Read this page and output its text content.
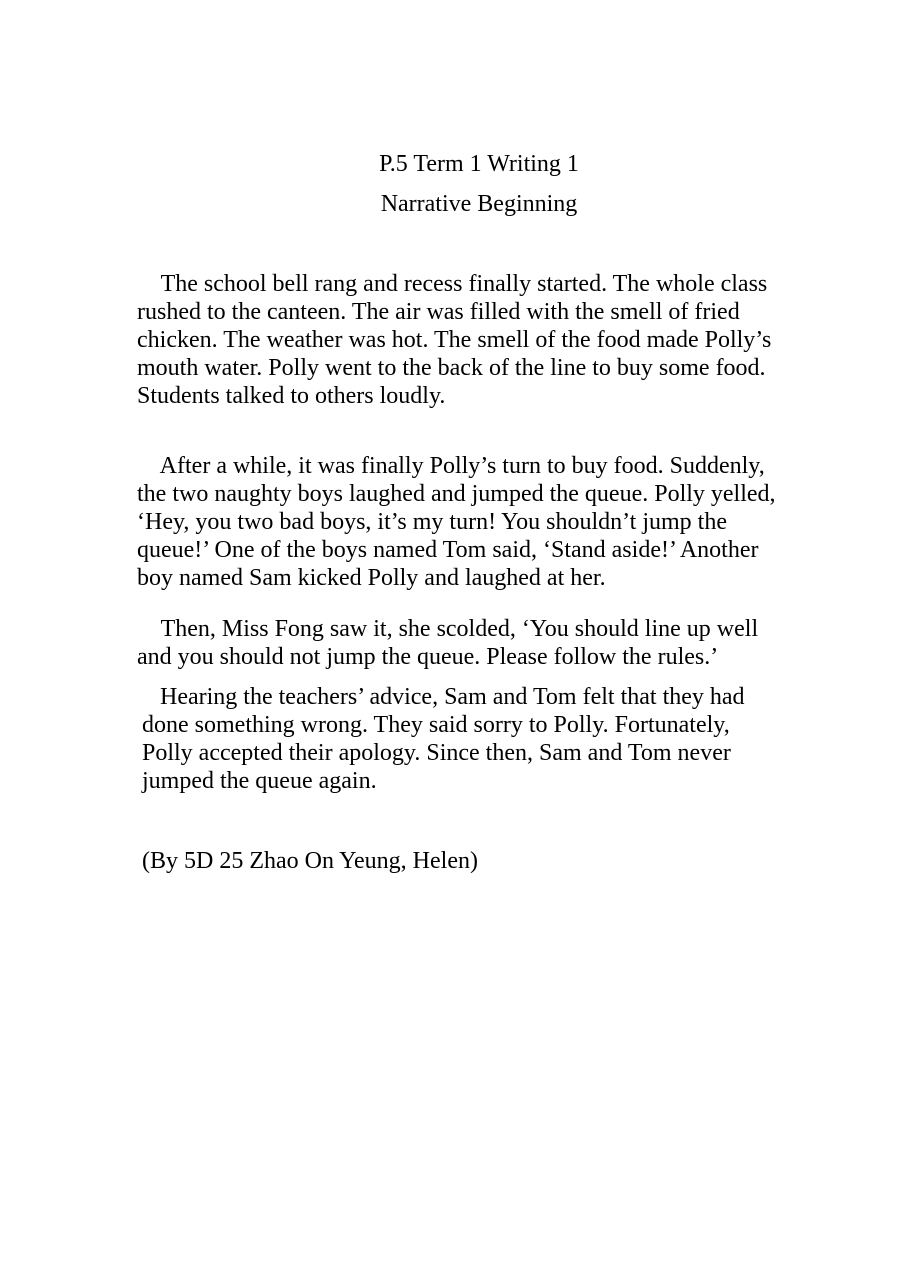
P.5 Term 1 Writing 1
Narrative Beginning
The school bell rang and recess finally started. The whole class
rushed to the canteen. The air was filled with the smell of fried
chicken. The weather was hot. The smell of the food made Polly’s
mouth water. Polly went to the back of the line to buy some food.
Students talked to others loudly.
After a while, it was finally Polly’s turn to buy food. Suddenly,
the two naughty boys laughed and jumped the queue. Polly yelled,
‘Hey, you two bad boys, it’s my turn! You shouldn’t jump the
queue!’ One of the boys named Tom said, ‘Stand aside!’ Another
boy named Sam kicked Polly and laughed at her.
Then, Miss Fong saw it, she scolded, ‘You should line up well
and you should not jump the queue. Please follow the rules.’
Hearing the teachers’ advice, Sam and Tom felt that they had
done something wrong. They said sorry to Polly. Fortunately,
Polly accepted their apology. Since then, Sam and Tom never
jumped the queue again.
(By 5D 25 Zhao On Yeung, Helen)
